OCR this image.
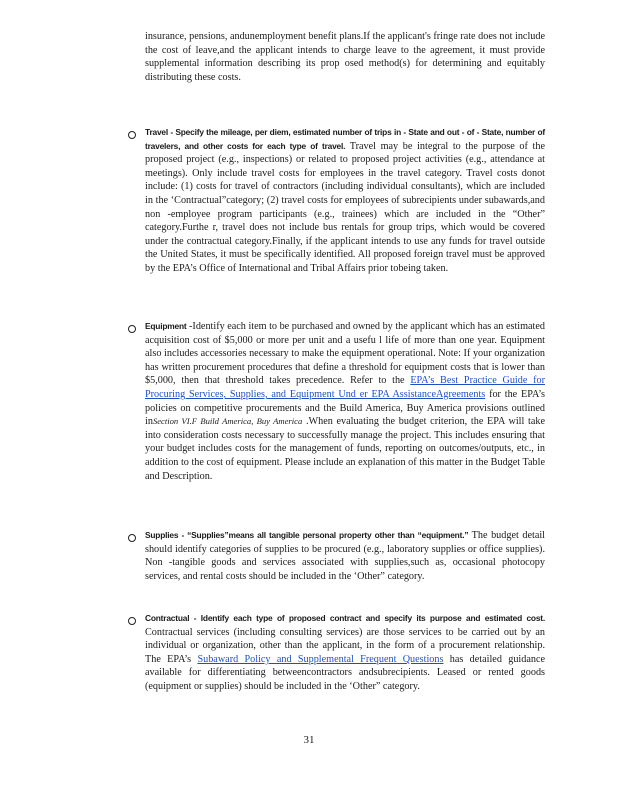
insurance, pensions, andunemployment benefit plans.If the applicant's fringe rate does not include the cost of leave,and the applicant intends to charge leave to the agreement, it must provide supplemental information describing its prop osed method(s) for determining and equitably distributing these costs.

Travel - Specify the mileage, per diem, estimated number of trips in - State and out - of - State, number of travelers, and other costs for each type of travel. Travel may be integral to the purpose of the proposed project (e.g., inspections) or related to proposed project activities (e.g., attendance at meetings). Only include travel costs for employees in the travel category. Travel costs donot include: (1) costs for travel of contractors (including individual consultants), which are included in the ‘Contractual”category; (2) travel costs for employees of subrecipients under subawards,and non -employee program participants (e.g., trainees) which are included in the “Other” category.Furthe r, travel does not include bus rentals for group trips, which would be covered under the contractual category.Finally, if the applicant intends to use any funds for travel outside the United States, it must be specifically identified. All proposed foreign travel must be approved by the EPA’s Office of International and Tribal Affairs prior tobeing taken.

Equipment -Identify each item to be purchased and owned by the applicant which has an estimated acquisition cost of $5,000 or more per unit and a usefu l life of more than one year. Equipment also includes accessories necessary to make the equipment operational. Note: If your organization has written procurement procedures that define a threshold for equipment costs that is lower than $5,000, then that threshold takes precedence. Refer to the EPA’s Best Practice Guide for Procuring Services, Supplies, and Equipment Und er EPA AssistanceAgreements for the EPA’s policies on competitive procurements and the Build America, Buy America provisions outlined inSection VI.F Build America, Buy America .When evaluating the budget criterion, the EPA will take into consideration costs necessary to successfully manage the project. This includes ensuring that your budget includes costs for the management of funds, reporting on outcomes/outputs, etc., in addition to the cost of equipment. Please include an explanation of this matter in the Budget Table and Description.

Supplies - “Supplies”means all tangible personal property other than “equipment.” The budget detail should identify categories of supplies to be procured (e.g., laboratory supplies or office supplies). Non -tangible goods and services associated with supplies,such as, occasional photocopy services, and rental costs should be included in the ‘Other” category.

Contractual - Identify each type of proposed contract and specify its purpose and estimated cost. Contractual services (including consulting services) are those services to be carried out by an individual or organization, other than the applicant, in the form of a procurement relationship. The EPA’s Subaward Policy and Supplemental Frequent Questions has detailed guidance available for differentiating betweencontractors andsubrecipients. Leased or rented goods (equipment or supplies) should be included in the ‘Other” category.

31
